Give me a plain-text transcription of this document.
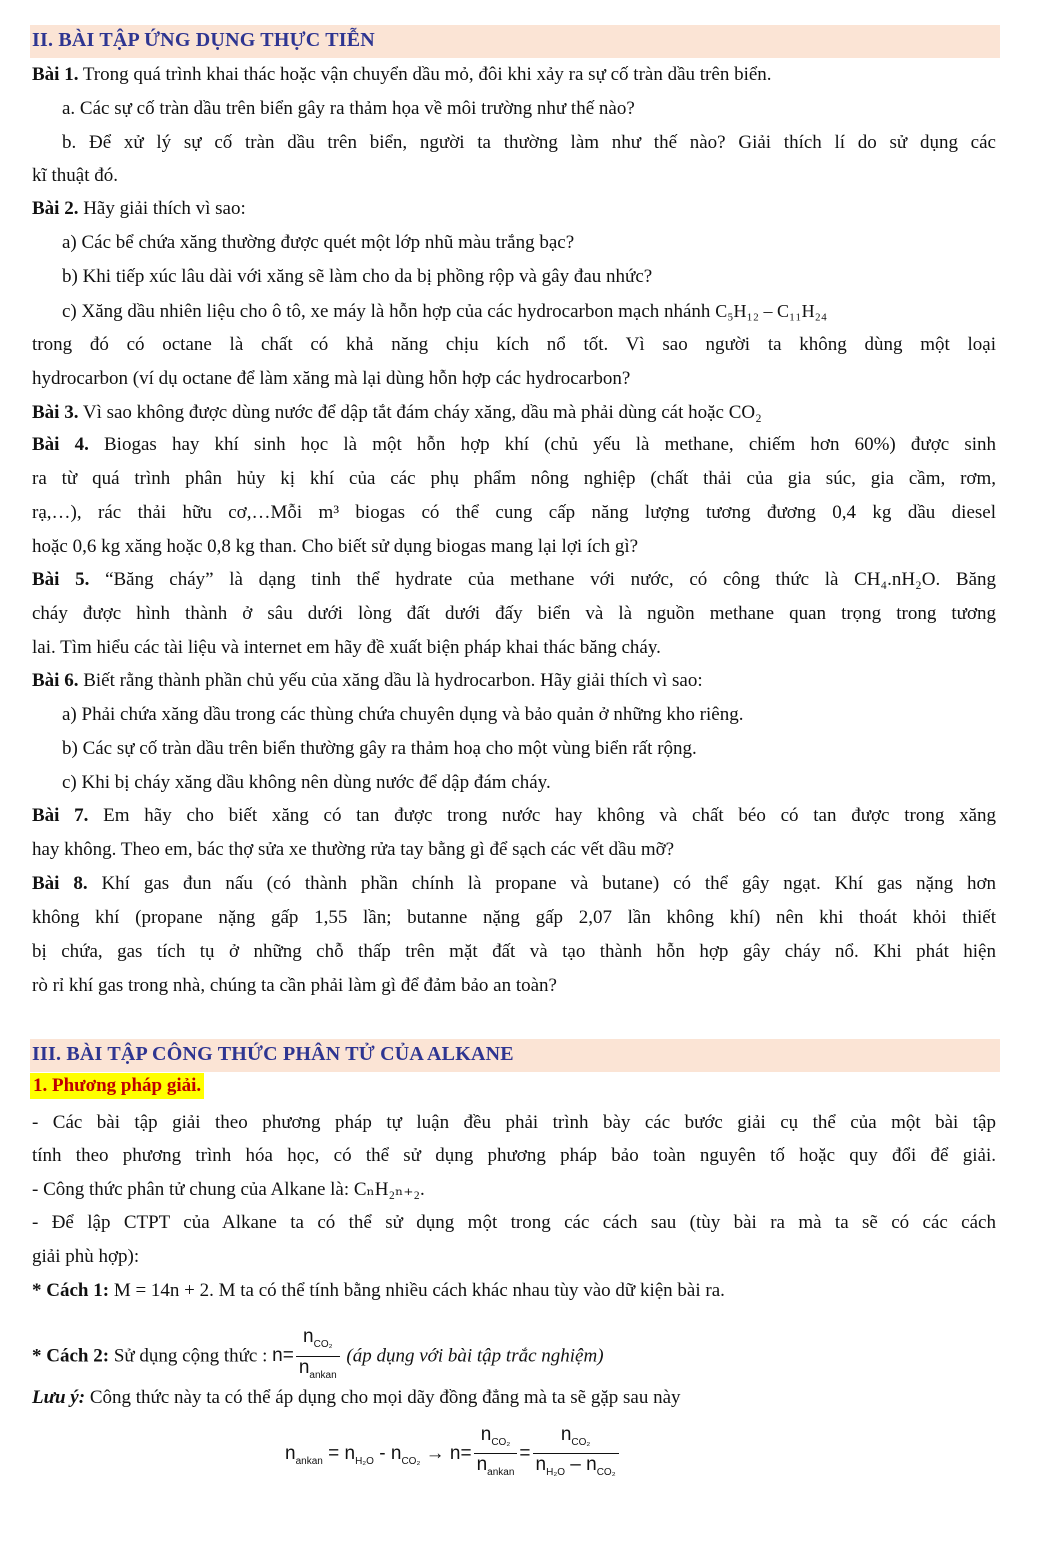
II. BÀI TẬP ỨNG DỤNG THỰC TIỄN
Bài 1. Trong quá trình khai thác hoặc vận chuyển dầu mỏ, đôi khi xảy ra sự cố tràn dầu trên biển.
a. Các sự cố tràn dầu trên biển gây ra thảm họa về môi trường như thế nào?
b. Để xử lý sự cố tràn dầu trên biển, người ta thường làm như thế nào? Giải thích lí do sử dụng các
kĩ thuật đó.
Bài 2. Hãy giải thích vì sao:
a) Các bể chứa xăng thường được quét một lớp nhũ màu trắng bạc?
b) Khi tiếp xúc lâu dài với xăng sẽ làm cho da bị phồng rộp và gây đau nhức?
c) Xăng dầu nhiên liệu cho ô tô, xe máy là hỗn hợp của các hydrocarbon mạch nhánh C₅H₁₂ – C₁₁H₂₄
trong đó có octane là chất có khả năng chịu kích nổ tốt. Vì sao người ta không dùng một loại
hydrocarbon (ví dụ octane để làm xăng mà lại dùng hỗn hợp các hydrocarbon?
Bài 3. Vì sao không được dùng nước để dập tắt đám cháy xăng, dầu mà phải dùng cát hoặc CO₂
Bài 4. Biogas hay khí sinh học là một hỗn hợp khí (chủ yếu là methane, chiếm hơn 60%) được sinh
ra từ quá trình phân hủy kị khí của các phụ phẩm nông nghiệp (chất thải của gia súc, gia cầm, rơm,
rạ,…), rác thải hữu cơ,…Mỗi m³ biogas có thể cung cấp năng lượng tương đương 0,4 kg dầu diesel
hoặc 0,6 kg xăng hoặc 0,8 kg than. Cho biết sử dụng biogas mang lại lợi ích gì?
Bài 5. “Băng cháy” là dạng tinh thể hydrate của methane với nước, có công thức là CH₄.nH₂O. Băng
cháy được hình thành ở sâu dưới lòng đất dưới đấy biển và là nguồn methane quan trọng trong tương
lai. Tìm hiểu các tài liệu và internet em hãy đề xuất biện pháp khai thác băng cháy.
Bài 6. Biết rằng thành phần chủ yếu của xăng dầu là hydrocarbon. Hãy giải thích vì sao:
a) Phải chứa xăng dầu trong các thùng chứa chuyên dụng và bảo quản ở những kho riêng.
b) Các sự cố tràn dầu trên biển thường gây ra thảm hoạ cho một vùng biển rất rộng.
c) Khi bị cháy xăng dầu không nên dùng nước để dập đám cháy.
Bài 7. Em hãy cho biết xăng có tan được trong nước hay không và chất béo có tan được trong xăng
hay không. Theo em, bác thợ sửa xe thường rửa tay bằng gì để sạch các vết dầu mỡ?
Bài 8. Khí gas đun nấu (có thành phần chính là propane và butane) có thể gây ngạt. Khí gas nặng hơn
không khí (propane nặng gấp 1,55 lần; butanne nặng gấp 2,07 lần không khí) nên khi thoát khỏi thiết
bị chứa, gas tích tụ ở những chỗ thấp trên mặt đất và tạo thành hỗn hợp gây cháy nổ. Khi phát hiện
rò rỉ khí gas trong nhà, chúng ta cần phải làm gì để đảm bảo an toàn?
III. BÀI TẬP CÔNG THỨC PHÂN TỬ CỦA ALKANE
1. Phương pháp giải.
- Các bài tập giải theo phương pháp tự luận đều phải trình bày các bước giải cụ thể của một bài tập
tính theo phương trình hóa học, có thể sử dụng phương pháp bảo toàn nguyên tố hoặc quy đổi để giải.
- Công thức phân tử chung của Alkane là: CₙH₂ₙ₊₂.
- Để lập CTPT của Alkane ta có thể sử dụng một trong các cách sau (tùy bài ra mà ta sẽ có các cách
giải phù hợp):
* Cách 1: M = 14n + 2. M ta có thể tính bằng nhiều cách khác nhau tùy vào dữ kiện bài ra.
* Cách 2: Sử dụng cộng thức : $n= \frac{n_{CO_2}}{n_{ankan}}$ (áp dụng với bài tập trắc nghiệm)
Lưu ý: Công thức này ta có thể áp dụng cho mọi dãy đồng đẳng mà ta sẽ gặp sau này
$n_{ankan} = n_{H_2O} - n_{CO_2} \to n= \frac{n_{CO_2}}{n_{ankan}} = \frac{n_{CO_2}}{n_{H_2O} - n_{CO_2}}$
